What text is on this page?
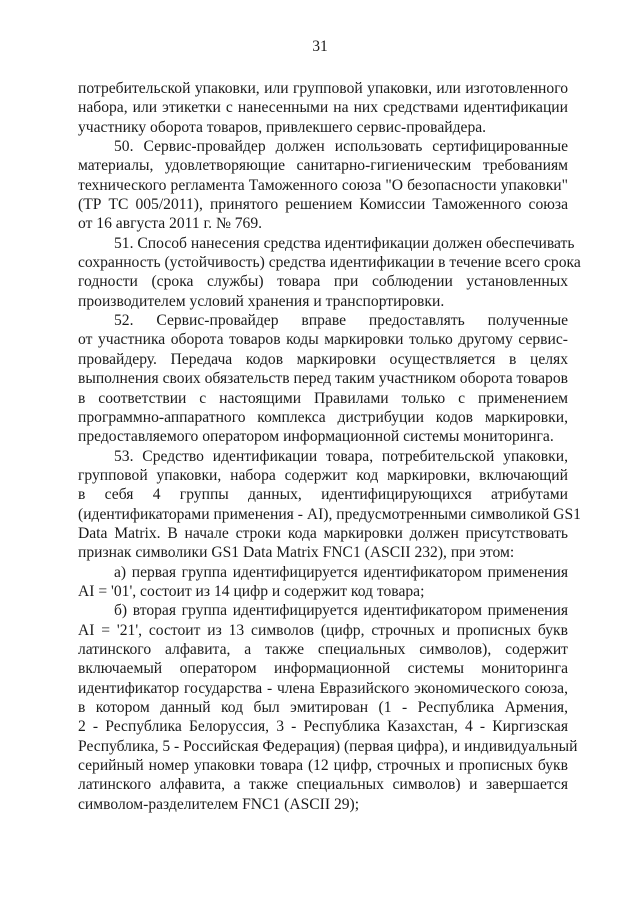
31
потребительской упаковки, или групповой упаковки, или изготовленного
набора, или этикетки с нанесенными на них средствами идентификации
участнику оборота товаров, привлекшего сервис-провайдера.
50. Сервис-провайдер должен использовать сертифицированные
материалы, удовлетворяющие санитарно-гигиеническим требованиям
технического регламента Таможенного союза "О безопасности упаковки"
(ТР ТС 005/2011), принятого решением Комиссии Таможенного союза
от 16 августа 2011 г. № 769.
51. Способ нанесения средства идентификации должен обеспечивать
сохранность (устойчивость) средства идентификации в течение всего срока
годности (срока службы) товара при соблюдении установленных
производителем условий хранения и транспортировки.
52. Сервис-провайдер вправе предоставлять полученные
от участника оборота товаров коды маркировки только другому сервис-
провайдеру. Передача кодов маркировки осуществляется в целях
выполнения своих обязательств перед таким участником оборота товаров
в соответствии с настоящими Правилами только с применением
программно-аппаратного комплекса дистрибуции кодов маркировки,
предоставляемого оператором информационной системы мониторинга.
53. Средство идентификации товара, потребительской упаковки,
групповой упаковки, набора содержит код маркировки, включающий
в себя 4 группы данных, идентифицирующихся атрибутами
(идентификаторами применения - AI), предусмотренными символикой GS1
Data Matrix. В начале строки кода маркировки должен присутствовать
признак символики GS1 Data Matrix FNC1 (ASCII 232), при этом:
а) первая группа идентифицируется идентификатором применения
AI = '01', состоит из 14 цифр и содержит код товара;
б) вторая группа идентифицируется идентификатором применения
AI = '21', состоит из 13 символов (цифр, строчных и прописных букв
латинского алфавита, а также специальных символов), содержит
включаемый оператором информационной системы мониторинга
идентификатор государства - члена Евразийского экономического союза,
в котором данный код был эмитирован (1 - Республика Армения,
2 - Республика Белоруссия, 3 - Республика Казахстан, 4 - Киргизская
Республика, 5 - Российская Федерация) (первая цифра), и индивидуальный
серийный номер упаковки товара (12 цифр, строчных и прописных букв
латинского алфавита, а также специальных символов) и завершается
символом-разделителем FNC1 (ASCII 29);
